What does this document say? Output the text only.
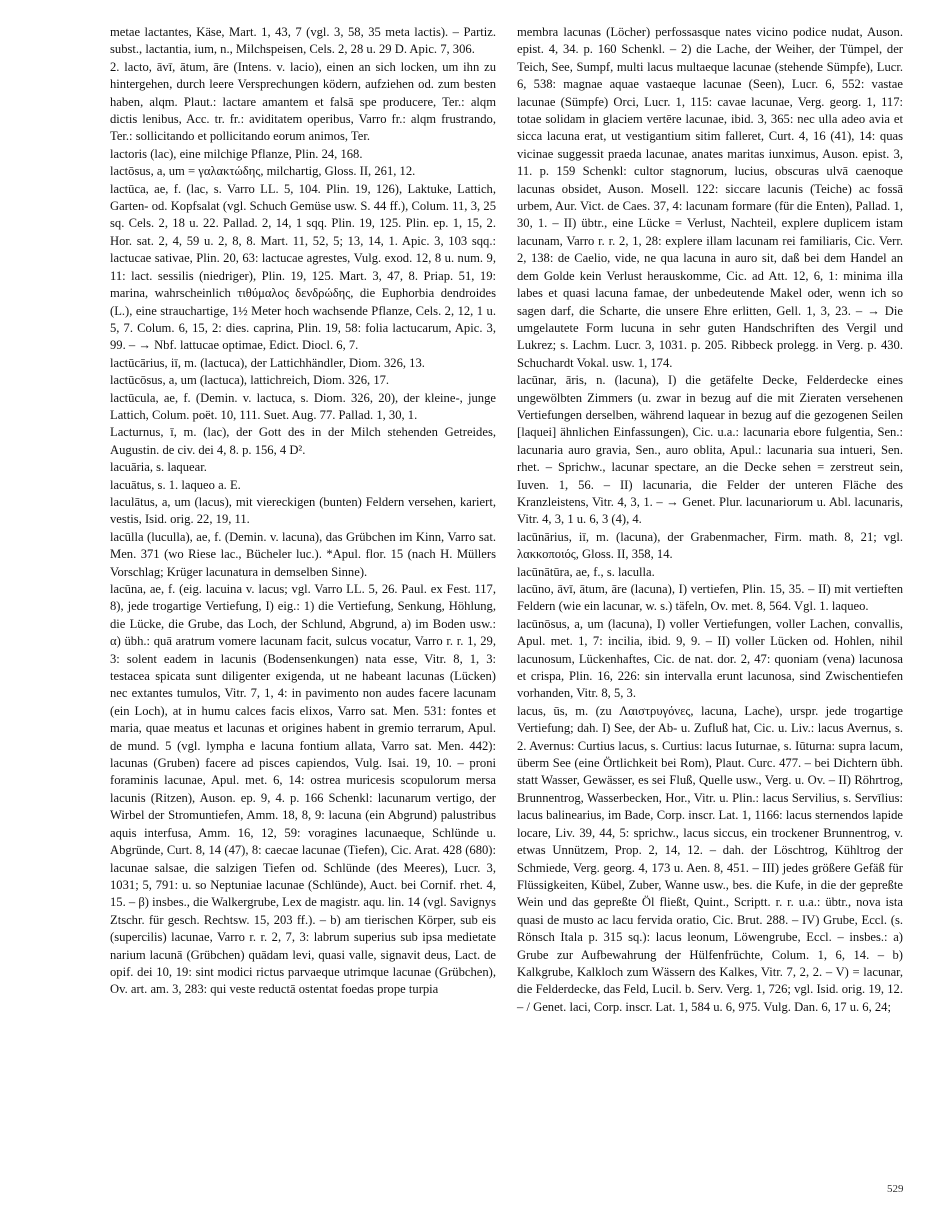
metae lactantes, Käse, Mart. 1, 43, 7 (vgl. 3, 58, 35 meta lactis). – Partiz. subst., lactantia, ium, n., Milchspeisen, Cels. 2, 28 u. 29 D. Apic. 7, 306.

2. lacto, āvī, ātum, āre (Intens. v. lacio), einen an sich locken, um ihn zu hintergehen, durch leere Versprechungen ködern, aufziehen od. zum besten haben, alqm. Plaut.: lactare amantem et falsā spe producere, Ter.: alqm dictis lenibus, Acc. tr. fr.: aviditatem operibus, Varro fr.: alqm frustrando, Ter.: sollicitando et pollicitando eorum animos, Ter.

lactoris (lac), eine milchige Pflanze, Plin. 24, 168.

lactōsus, a, um = γαλακτώδης, milchartig, Gloss. II, 261, 12.

lactūca, ae, f. (lac, s. Varro LL. 5, 104. Plin. 19, 126), Laktuke, Lattich, Garten- od. Kopfsalat (vgl. Schuch Gemüse usw. S. 44 ff.), Colum. 11, 3, 25 sq. Cels. 2, 18 u. 22. Pallad. 2, 14, 1 sqq. Plin. 19, 125. Plin. ep. 1, 15, 2. Hor. sat. 2, 4, 59 u. 2, 8, 8. Mart. 11, 52, 5; 13, 14, 1. Apic. 3, 103 sqq.: lactucae sativae, Plin. 20, 63: lactucae agrestes, Vulg. exod. 12, 8 u. num. 9, 11: lact. sessilis (niedriger), Plin. 19, 125. Mart. 3, 47, 8. Priap. 51, 19: marina, wahrscheinlich τιθύμαλος δενδρώδης, die Euphorbia dendroides (L.), eine strauchartige, 1½ Meter hoch wachsende Pflanze, Cels. 2, 12, 1 u. 5, 7. Colum. 6, 15, 2: dies. caprina, Plin. 19, 58: folia lactucarum, Apic. 3, 99. – → Nbf. lattucae optimae, Edict. Diocl. 6, 7.

lactūcārius, iī, m. (lactuca), der Lattichhändler, Diom. 326, 13.

lactūcōsus, a, um (lactuca), lattichreich, Diom. 326, 17.

lactūcula, ae, f. (Demin. v. lactuca, s. Diom. 326, 20), der kleine-, junge Lattich, Colum. poët. 10, 111. Suet. Aug. 77. Pallad. 1, 30, 1.

Lacturnus, ī, m. (lac), der Gott des in der Milch stehenden Getreides, Augustin. de civ. dei 4, 8. p. 156, 4 D².

lacuāria, s. laquear.

lacuātus, s. 1. laqueo a. E.

laculātus, a, um (lacus), mit viereckigen (bunten) Feldern versehen, kariert, vestis, Isid. orig. 22, 19, 11.

lacūlla (luculla), ae, f. (Demin. v. lacuna), das Grübchen im Kinn, Varro sat. Men. 371 (wo Riese lac., Bücheler luc.). *Apul. flor. 15 (nach H. Müllers Vorschlag; Krüger lacunatura in demselben Sinne).

lacūna, ae, f. (eig. lacuina v. lacus; vgl. Varro LL. 5, 26. Paul. ex Fest. 117, 8), jede trogartige Vertiefung, I) eig.: 1) die Vertiefung, Senkung, Höhlung, die Lücke, die Grube, das Loch, der Schlund, Abgrund, a) im Boden usw.: α) übh.: quā aratrum vomere lacunam facit, sulcus vocatur, Varro r. r. 1, 29, 3: solent eadem in lacunis (Bodensenkungen) nata esse, Vitr. 8, 1, 3: testacea spicata sunt diligenter exigenda, ut ne habeant lacunas (Lücken) nec extantes tumulos, Vitr. 7, 1, 4: in pavimento non audes facere lacunam (ein Loch), at in humu calces facis elixos, Varro sat. Men. 531: fontes et maria, quae meatus et lacunas et origines habent in gremio terrarum, Apul. de mund. 5 (vgl. lympha e lacuna fontium allata, Varro sat. Men. 442): lacunas (Gruben) facere ad pisces capiendos, Vulg. Isai. 19, 10. – proni foraminis lacunae, Apul. met. 6, 14: ostrea muricesis scopulorum mersa lacunis (Ritzen), Auson. ep. 9, 4. p. 166 Schenkl: lacunarum vertigo, der Wirbel der Stromuntiefen, Amm. 18, 8, 9: lacuna (ein Abgrund) palustribus aquis interfusa, Amm. 16, 12, 59: voragines lacunaeque, Schlünde u. Abgründe, Curt. 8, 14 (47), 8: caecae lacunae (Tiefen), Cic. Arat. 428 (680): lacunae salsae, die salzigen Tiefen od. Schlünde (des Meeres), Lucr. 3, 1031; 5, 791: u. so Neptuniae lacunae (Schlünde), Auct. bei Cornif. rhet. 4, 15. – β) insbes., die Walkergrube, Lex de magistr. aqu. lin. 14 (vgl. Savignys Ztschr. für gesch. Rechtsw. 15, 203 ff.). – b) am tierischen Körper, sub eis (supercilis) lacunae, Varro r. r. 2, 7, 3: labrum superius sub ipsa medietate narium lacunā (Grübchen) quādam levi, quasi valle, signavit deus, Lact. de opif. dei 10, 19: sint modici rictus parvaeque utrimque lacunae (Grübchen), Ov. art. am. 3, 283: qui veste reductā ostentat foedas prope turpia

membra lacunas (Löcher) perfossasque nates vicino podice nudat, Auson. epist. 4, 34. p. 160 Schenkl. – 2) die Lache, der Weiher, der Tümpel, der Teich, See, Sumpf, multi lacus multaeque lacunae (stehende Sümpfe), Lucr. 6, 538: magnae aquae vastaeque lacunae (Seen), Lucr. 6, 552: vastae lacunae (Sümpfe) Orci, Lucr. 1, 115: cavae lacunae, Verg. georg. 1, 117: totae solidam in glaciem vertēre lacunae, ibid. 3, 365: nec ulla adeo avia et sicca lacuna erat, ut vestigantium sitim falleret, Curt. 4, 16 (41), 14: quas vicinae suggessit praeda lacunae, anates maritas iunximus, Auson. epist. 3, 11. p. 159 Schenkl: cultor stagnorum, lucius, obscuras ulvā caenoque lacunas obsidet, Auson. Mosell. 122: siccare lacunis (Teiche) ac fossā urbem, Aur. Vict. de Caes. 37, 4: lacunam formare (für die Enten), Pallad. 1, 30, 1. – II) übtr., eine Lücke = Verlust, Nachteil, explere duplicem istam lacunam, Varro r. r. 2, 1, 28: explere illam lacunam rei familiaris, Cic. Verr. 2, 138: de Caelio, vide, ne qua lacuna in auro sit, daß bei dem Handel an dem Golde kein Verlust herauskomme, Cic. ad Att. 12, 6, 1: minima illa labes et quasi lacuna famae, der unbedeutende Makel oder, wenn ich so sagen darf, die Scharte, die unsere Ehre erlitten, Gell. 1, 3, 23. – → Die umgelautete Form lucuna in sehr guten Handschriften des Vergil und Lukrez; s. Lachm. Lucr. 3, 1031. p. 205. Ribbeck prolegg. in Verg. p. 430. Schuchardt Vokal. usw. 1, 174.

lacūnar, āris, n. (lacuna), I) die getäfelte Decke, Felderdecke eines ungewölbten Zimmers (u. zwar in bezug auf die mit Zieraten versehenen Vertiefungen derselben, während laquear in bezug auf die gezogenen Seilen [laquei] ähnlichen Einfassungen), Cic. u.a.: lacunaria ebore fulgentia, Sen.: lacunaria auro gravia, Sen., auro oblita, Apul.: lacunaria sua intueri, Sen. rhet. – Sprichw., lacunar spectare, an die Decke sehen = zerstreut sein, Iuven. 1, 56. – II) lacunaria, die Felder der unteren Fläche des Kranzleistens, Vitr. 4, 3, 1. – → Genet. Plur. lacunariorum u. Abl. lacunaris, Vitr. 4, 3, 1 u. 6, 3 (4), 4.

lacūnārius, iī, m. (lacuna), der Grabenmacher, Firm. math. 8, 21; vgl. λακκοποιός, Gloss. II, 358, 14.

lacūnātūra, ae, f., s. laculla.

lacūno, āvī, ātum, āre (lacuna), I) vertiefen, Plin. 15, 35. – II) mit vertieften Feldern (wie ein lacunar, w. s.) täfeln, Ov. met. 8, 564. Vgl. 1. laqueo.

lacūnōsus, a, um (lacuna), I) voller Vertiefungen, voller Lachen, convallis, Apul. met. 1, 7: incilia, ibid. 9, 9. – II) voller Lücken od. Hohlen, nihil lacunosum, Lückenhaftes, Cic. de nat. dor. 2, 47: quoniam (vena) lacunosa et crispa, Plin. 16, 226: sin intervalla erunt lacunosa, sind Zwischentiefen vorhanden, Vitr. 8, 5, 3.

lacus, ūs, m. (zu Λαιστρυγόνες, lacuna, Lache), urspr. jede trogartige Vertiefung; dah. I) See, der Ab- u. Zufluß hat, Cic. u. Liv.: lacus Avernus, s. 2. Avernus: Curtius lacus, s. Curtius: lacus Iuturnae, s. Iūturna: supra lacum, überm See (eine Örtlichkeit bei Rom), Plaut. Curc. 477. – bei Dichtern übh. statt Wasser, Gewässer, es sei Fluß, Quelle usw., Verg. u. Ov. – II) Röhrtrog, Brunnentrog, Wasserbecken, Hor., Vitr. u. Plin.: lacus Servilius, s. Servīlius: lacus balinearius, im Bade, Corp. inscr. Lat. 1, 1166: lacus sternendos lapide locare, Liv. 39, 44, 5: sprichw., lacus siccus, ein trockener Brunnentrog, v. etwas Unnützem, Prop. 2, 14, 12. – dah. der Löschtrog, Kühltrog der Schmiede, Verg. georg. 4, 173 u. Aen. 8, 451. – III) jedes größere Gefäß für Flüssigkeiten, Kübel, Zuber, Wanne usw., bes. die Kufe, in die der gepreßte Wein und das gepreßte Öl fließt, Quint., Scriptt. r. r. u.a.: übtr., nova ista quasi de musto ac lacu fervida oratio, Cic. Brut. 288. – IV) Grube, Eccl. (s. Rönsch Itala p. 315 sq.): lacus leonum, Löwengrube, Eccl. – insbes.: a) Grube zur Aufbewahrung der Hülfenfrüchte, Colum. 1, 6, 14. – b) Kalkgrube, Kalkloch zum Wässern des Kalkes, Vitr. 7, 2, 2. – V) = lacunar, die Felderdecke, das Feld, Lucil. b. Serv. Verg. 1, 726; vgl. Isid. orig. 19, 12. – / Genet. laci, Corp. inscr. Lat. 1, 584 u. 6, 975. Vulg. Dan. 6, 17 u. 6, 24;

529
